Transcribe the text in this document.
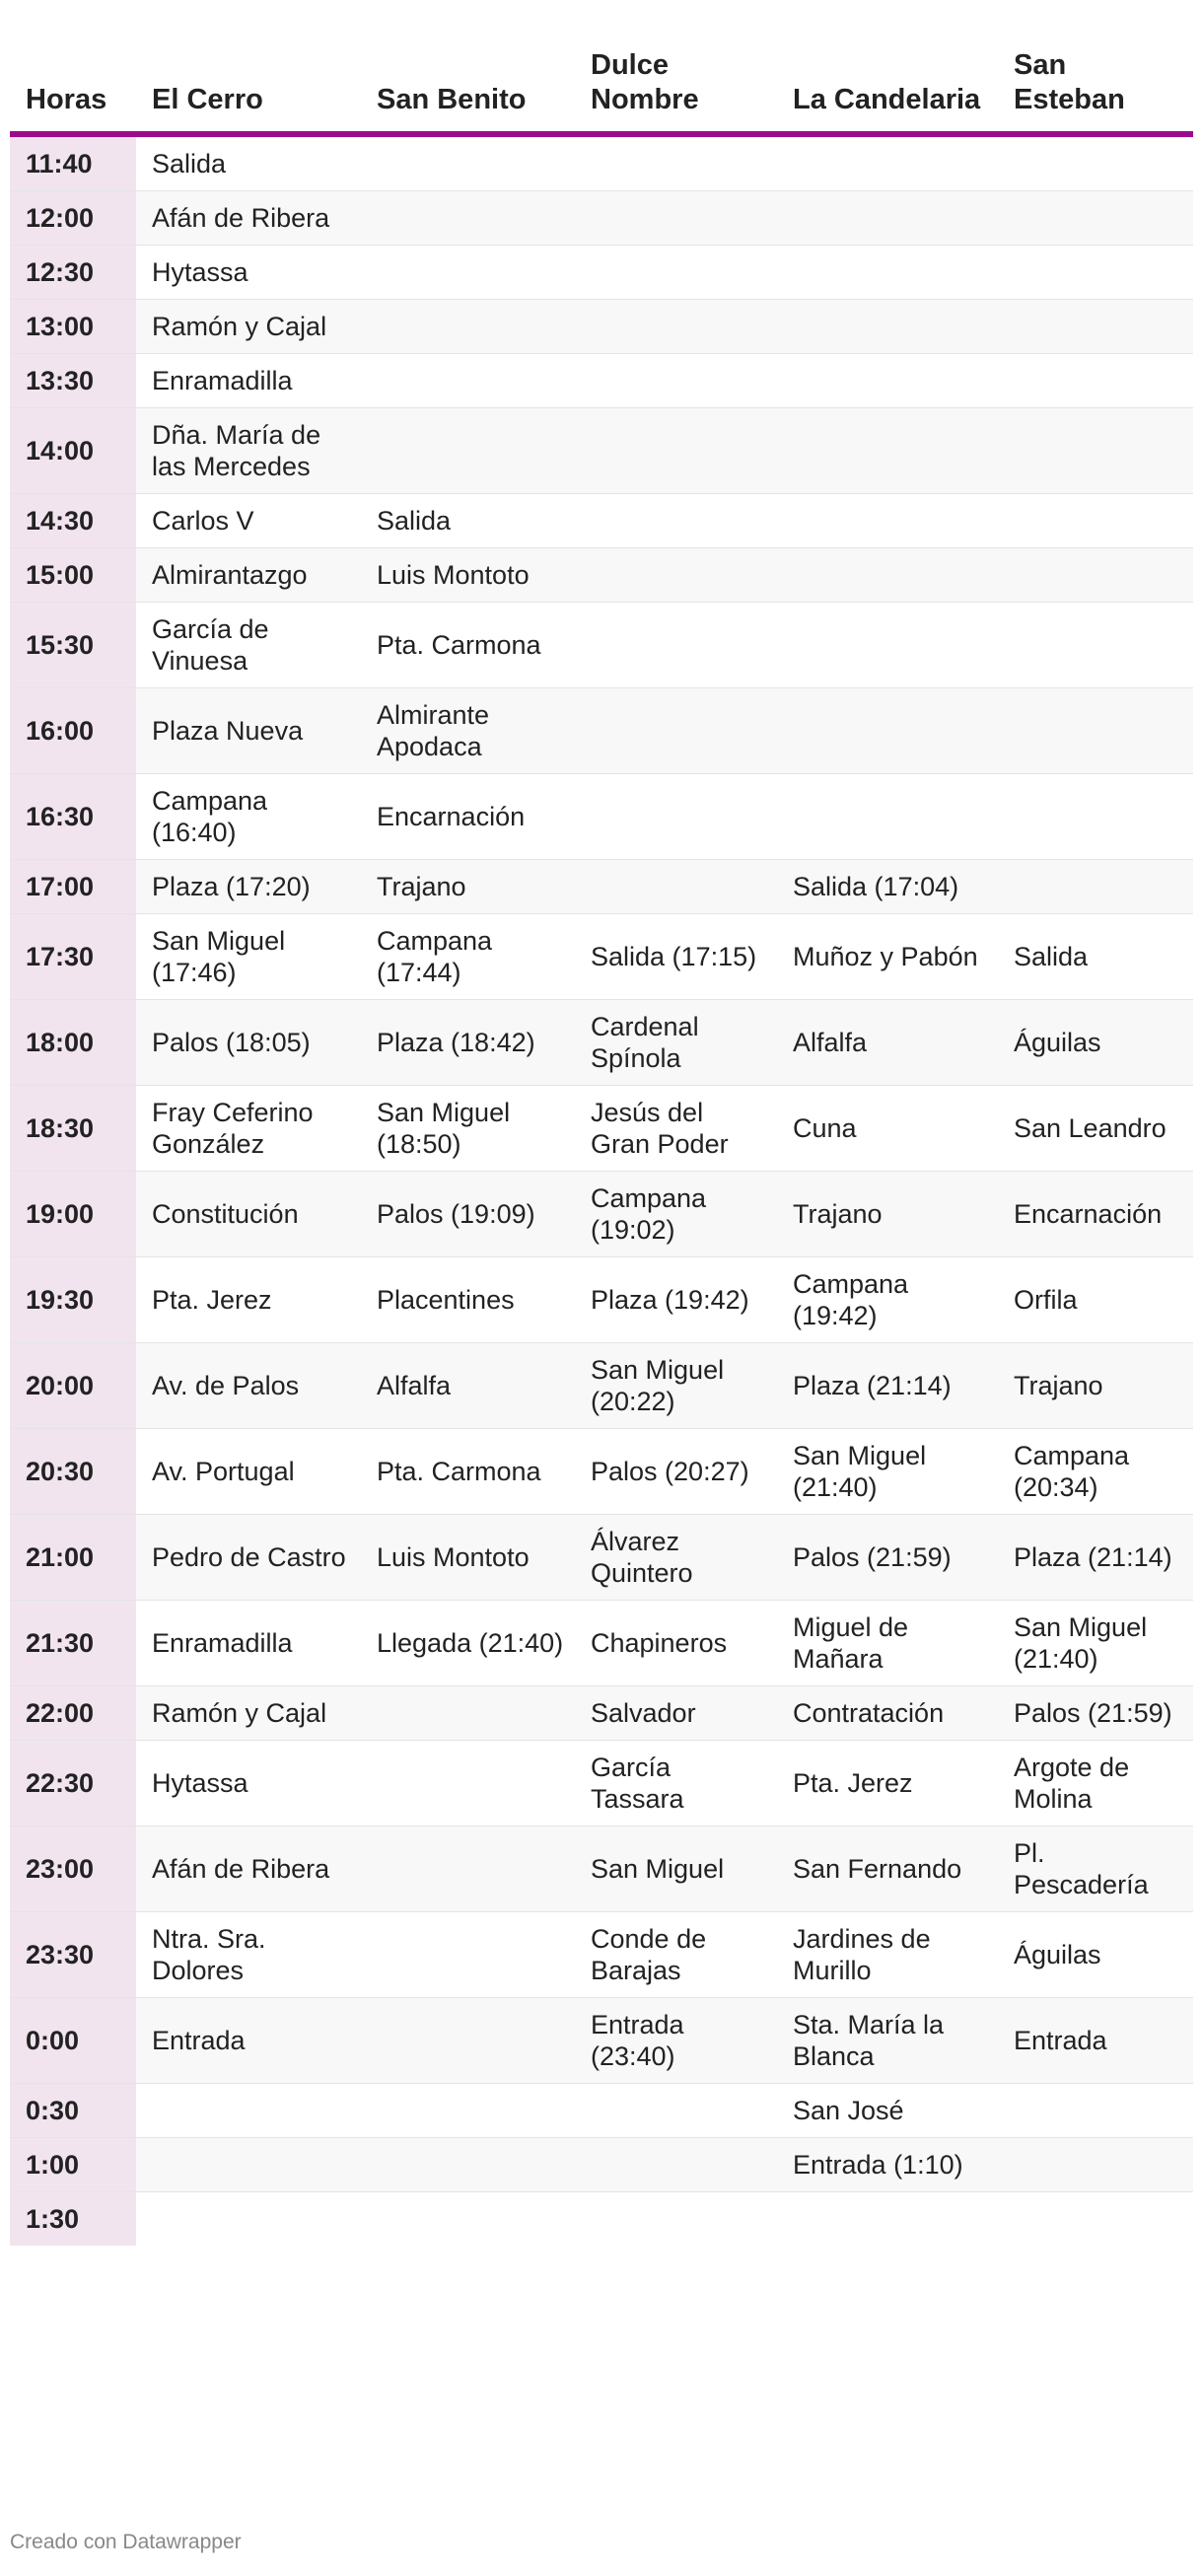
Horas	El Cerro	San Benito	Dulce Nombre	La Candelaria	San Esteban
11:40	Salida				
12:00	Afán de Ribera				
12:30	Hytassa				
13:00	Ramón y Cajal				
13:30	Enramadilla				
14:00	Dña. María de las Mercedes				
14:30	Carlos V	Salida			
15:00	Almirantazgo	Luis Montoto			
15:30	García de Vinuesa	Pta. Carmona			
16:00	Plaza Nueva	Almirante Apodaca			
16:30	Campana (16:40)	Encarnación			
17:00	Plaza (17:20)	Trajano		Salida (17:04)	
17:30	San Miguel (17:46)	Campana (17:44)	Salida (17:15)	Muñoz y Pabón	Salida
18:00	Palos (18:05)	Plaza (18:42)	Cardenal Spínola	Alfalfa	Águilas
18:30	Fray Ceferino González	San Miguel (18:50)	Jesús del Gran Poder	Cuna	San Leandro
19:00	Constitución	Palos (19:09)	Campana (19:02)	Trajano	Encarnación
19:30	Pta. Jerez	Placentines	Plaza (19:42)	Campana (19:42)	Orfila
20:00	Av. de Palos	Alfalfa	San Miguel (20:22)	Plaza (21:14)	Trajano
20:30	Av. Portugal	Pta. Carmona	Palos (20:27)	San Miguel (21:40)	Campana (20:34)
21:00	Pedro de Castro	Luis Montoto	Álvarez Quintero	Palos (21:59)	Plaza (21:14)
21:30	Enramadilla	Llegada (21:40)	Chapineros	Miguel de Mañara	San Miguel (21:40)
22:00	Ramón y Cajal		Salvador	Contratación	Palos (21:59)
22:30	Hytassa		García Tassara	Pta. Jerez	Argote de Molina
23:00	Afán de Ribera		San Miguel	San Fernando	Pl. Pescadería
23:30	Ntra. Sra. Dolores		Conde de Barajas	Jardines de Murillo	Águilas
0:00	Entrada		Entrada (23:40)	Sta. María la Blanca	Entrada
0:30				San José	
1:00				Entrada (1:10)	
1:30					
Creado con Datawrapper
